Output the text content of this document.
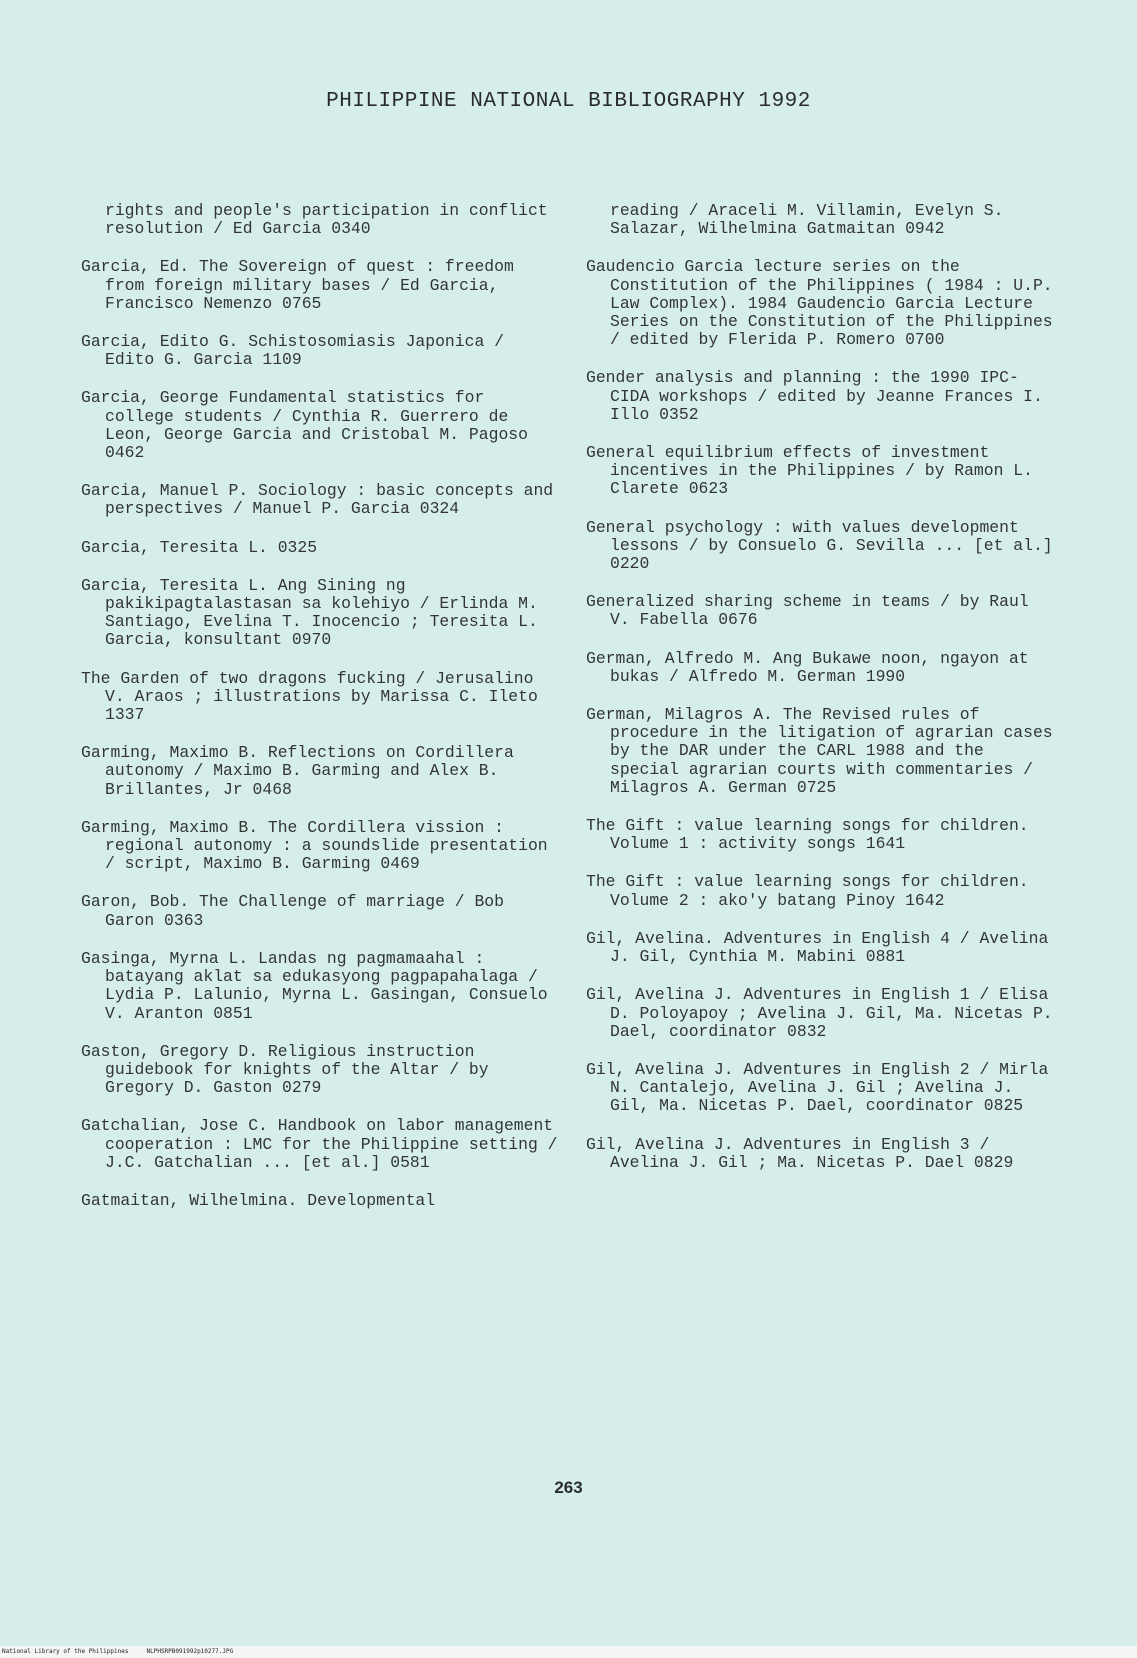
PHILIPPINE NATIONAL BIBLIOGRAPHY 1992

rights and people's participation in conflict resolution / Ed Garcia 0340

Garcia, Ed. The Sovereign of quest : freedom from foreign military bases / Ed Garcia, Francisco Nemenzo 0765

Garcia, Edito G. Schistosomiasis Japonica / Edito G. Garcia 1109

Garcia, George Fundamental statistics for college students / Cynthia R. Guerrero de Leon, George Garcia and Cristobal M. Pagoso 0462

Garcia, Manuel P. Sociology : basic concepts and perspectives / Manuel P. Garcia 0324

Garcia, Teresita L. 0325

Garcia, Teresita L. Ang Sining ng pakikipagtalastasan sa kolehiyo / Erlinda M. Santiago, Evelina T. Inocencio ; Teresita L. Garcia, konsultant 0970

The Garden of two dragons fucking / Jerusalino V. Araos ; illustrations by Marissa C. Ileto 1337

Garming, Maximo B. Reflections on Cordillera autonomy / Maximo B. Garming and Alex B. Brillantes, Jr 0468

Garming, Maximo B. The Cordillera vission : regional autonomy : a soundslide presentation / script, Maximo B. Garming 0469

Garon, Bob. The Challenge of marriage / Bob Garon 0363

Gasinga, Myrna L. Landas ng pagmamaahal : batayang aklat sa edukasyong pagpapahalaga / Lydia P. Lalunio, Myrna L. Gasingan, Consuelo V. Aranton 0851

Gaston, Gregory D. Religious instruction guidebook for knights of the Altar / by Gregory D. Gaston 0279

Gatchalian, Jose C. Handbook on labor management cooperation : LMC for the Philippine setting / J.C. Gatchalian ... [et al.] 0581

Gatmaitan, Wilhelmina. Developmental

reading / Araceli M. Villamin, Evelyn S. Salazar, Wilhelmina Gatmaitan 0942

Gaudencio Garcia lecture series on the Constitution of the Philippines ( 1984 : U.P. Law Complex). 1984 Gaudencio Garcia Lecture Series on the Constitution of the Philippines / edited by Flerida P. Romero 0700

Gender analysis and planning : the 1990 IPC-CIDA workshops / edited by Jeanne Frances I. Illo 0352

General equilibrium effects of investment incentives in the Philippines / by Ramon L. Clarete 0623

General psychology : with values development lessons / by Consuelo G. Sevilla ... [et al.] 0220

Generalized sharing scheme in teams / by Raul V. Fabella 0676

German, Alfredo M. Ang Bukawe noon, ngayon at bukas / Alfredo M. German 1990

German, Milagros A. The Revised rules of procedure in the litigation of agrarian cases by the DAR under the CARL 1988 and the special agrarian courts with commentaries / Milagros A. German 0725

The Gift : value learning songs for children. Volume 1 : activity songs 1641

The Gift : value learning songs for children. Volume 2 : ako'y batang Pinoy 1642

Gil, Avelina. Adventures in English 4 / Avelina J. Gil, Cynthia M. Mabini 0881

Gil, Avelina J. Adventures in English 1 / Elisa D. Poloyapoy ; Avelina J. Gil, Ma. Nicetas P. Dael, coordinator 0832

Gil, Avelina J. Adventures in English 2 / Mirla N. Cantalejo, Avelina J. Gil ; Avelina J. Gil, Ma. Nicetas P. Dael, coordinator 0825

Gil, Avelina J. Adventures in English 3 / Avelina J. Gil ; Ma. Nicetas P. Dael 0829

263
National Library of the Philippines     NLPHSRPB091992p10277.JPG
